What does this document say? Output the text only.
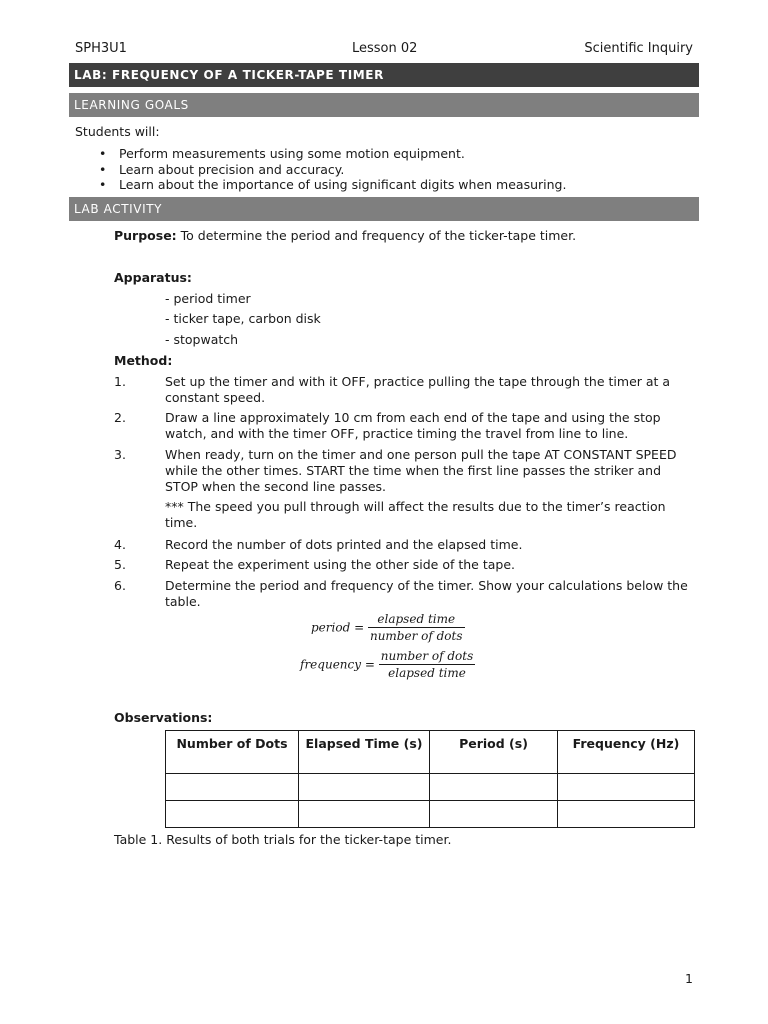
SPH3U1	Lesson 02	Scientific Inquiry
LAB: FREQUENCY OF A TICKER-TAPE TIMER
LEARNING GOALS
Students will:
• Perform measurements using some motion equipment.
• Learn about precision and accuracy.
• Learn about the importance of using significant digits when measuring.
LAB ACTIVITY
Purpose: To determine the period and frequency of the ticker-tape timer.
Apparatus:
- period timer
- ticker tape, carbon disk
- stopwatch
Method:
1.	Set up the timer and with it OFF, practice pulling the tape through the timer at a constant speed.
2.	Draw a line approximately 10 cm from each end of the tape and using the stop watch, and with the timer OFF, practice timing the travel from line to line.
3.	When ready, turn on the timer and one person pull the tape AT CONSTANT SPEED while the other times. START the time when the first line passes the striker and STOP when the second line passes.
*** The speed you pull through will affect the results due to the timer’s reaction time.
4.	Record the number of dots printed and the elapsed time.
5.	Repeat the experiment using the other side of the tape.
6.	Determine the period and frequency of the timer. Show your calculations below the table.
period = $\frac{\text{elapsed time}}{\text{number of dots}}$
frequency = $\frac{\text{number of dots}}{\text{elapsed time}}$
Observations:
Number of Dots	Elapsed Time (s)	Period (s)	Frequency (Hz)

Table 1. Results of both trials for the ticker-tape timer.
1
